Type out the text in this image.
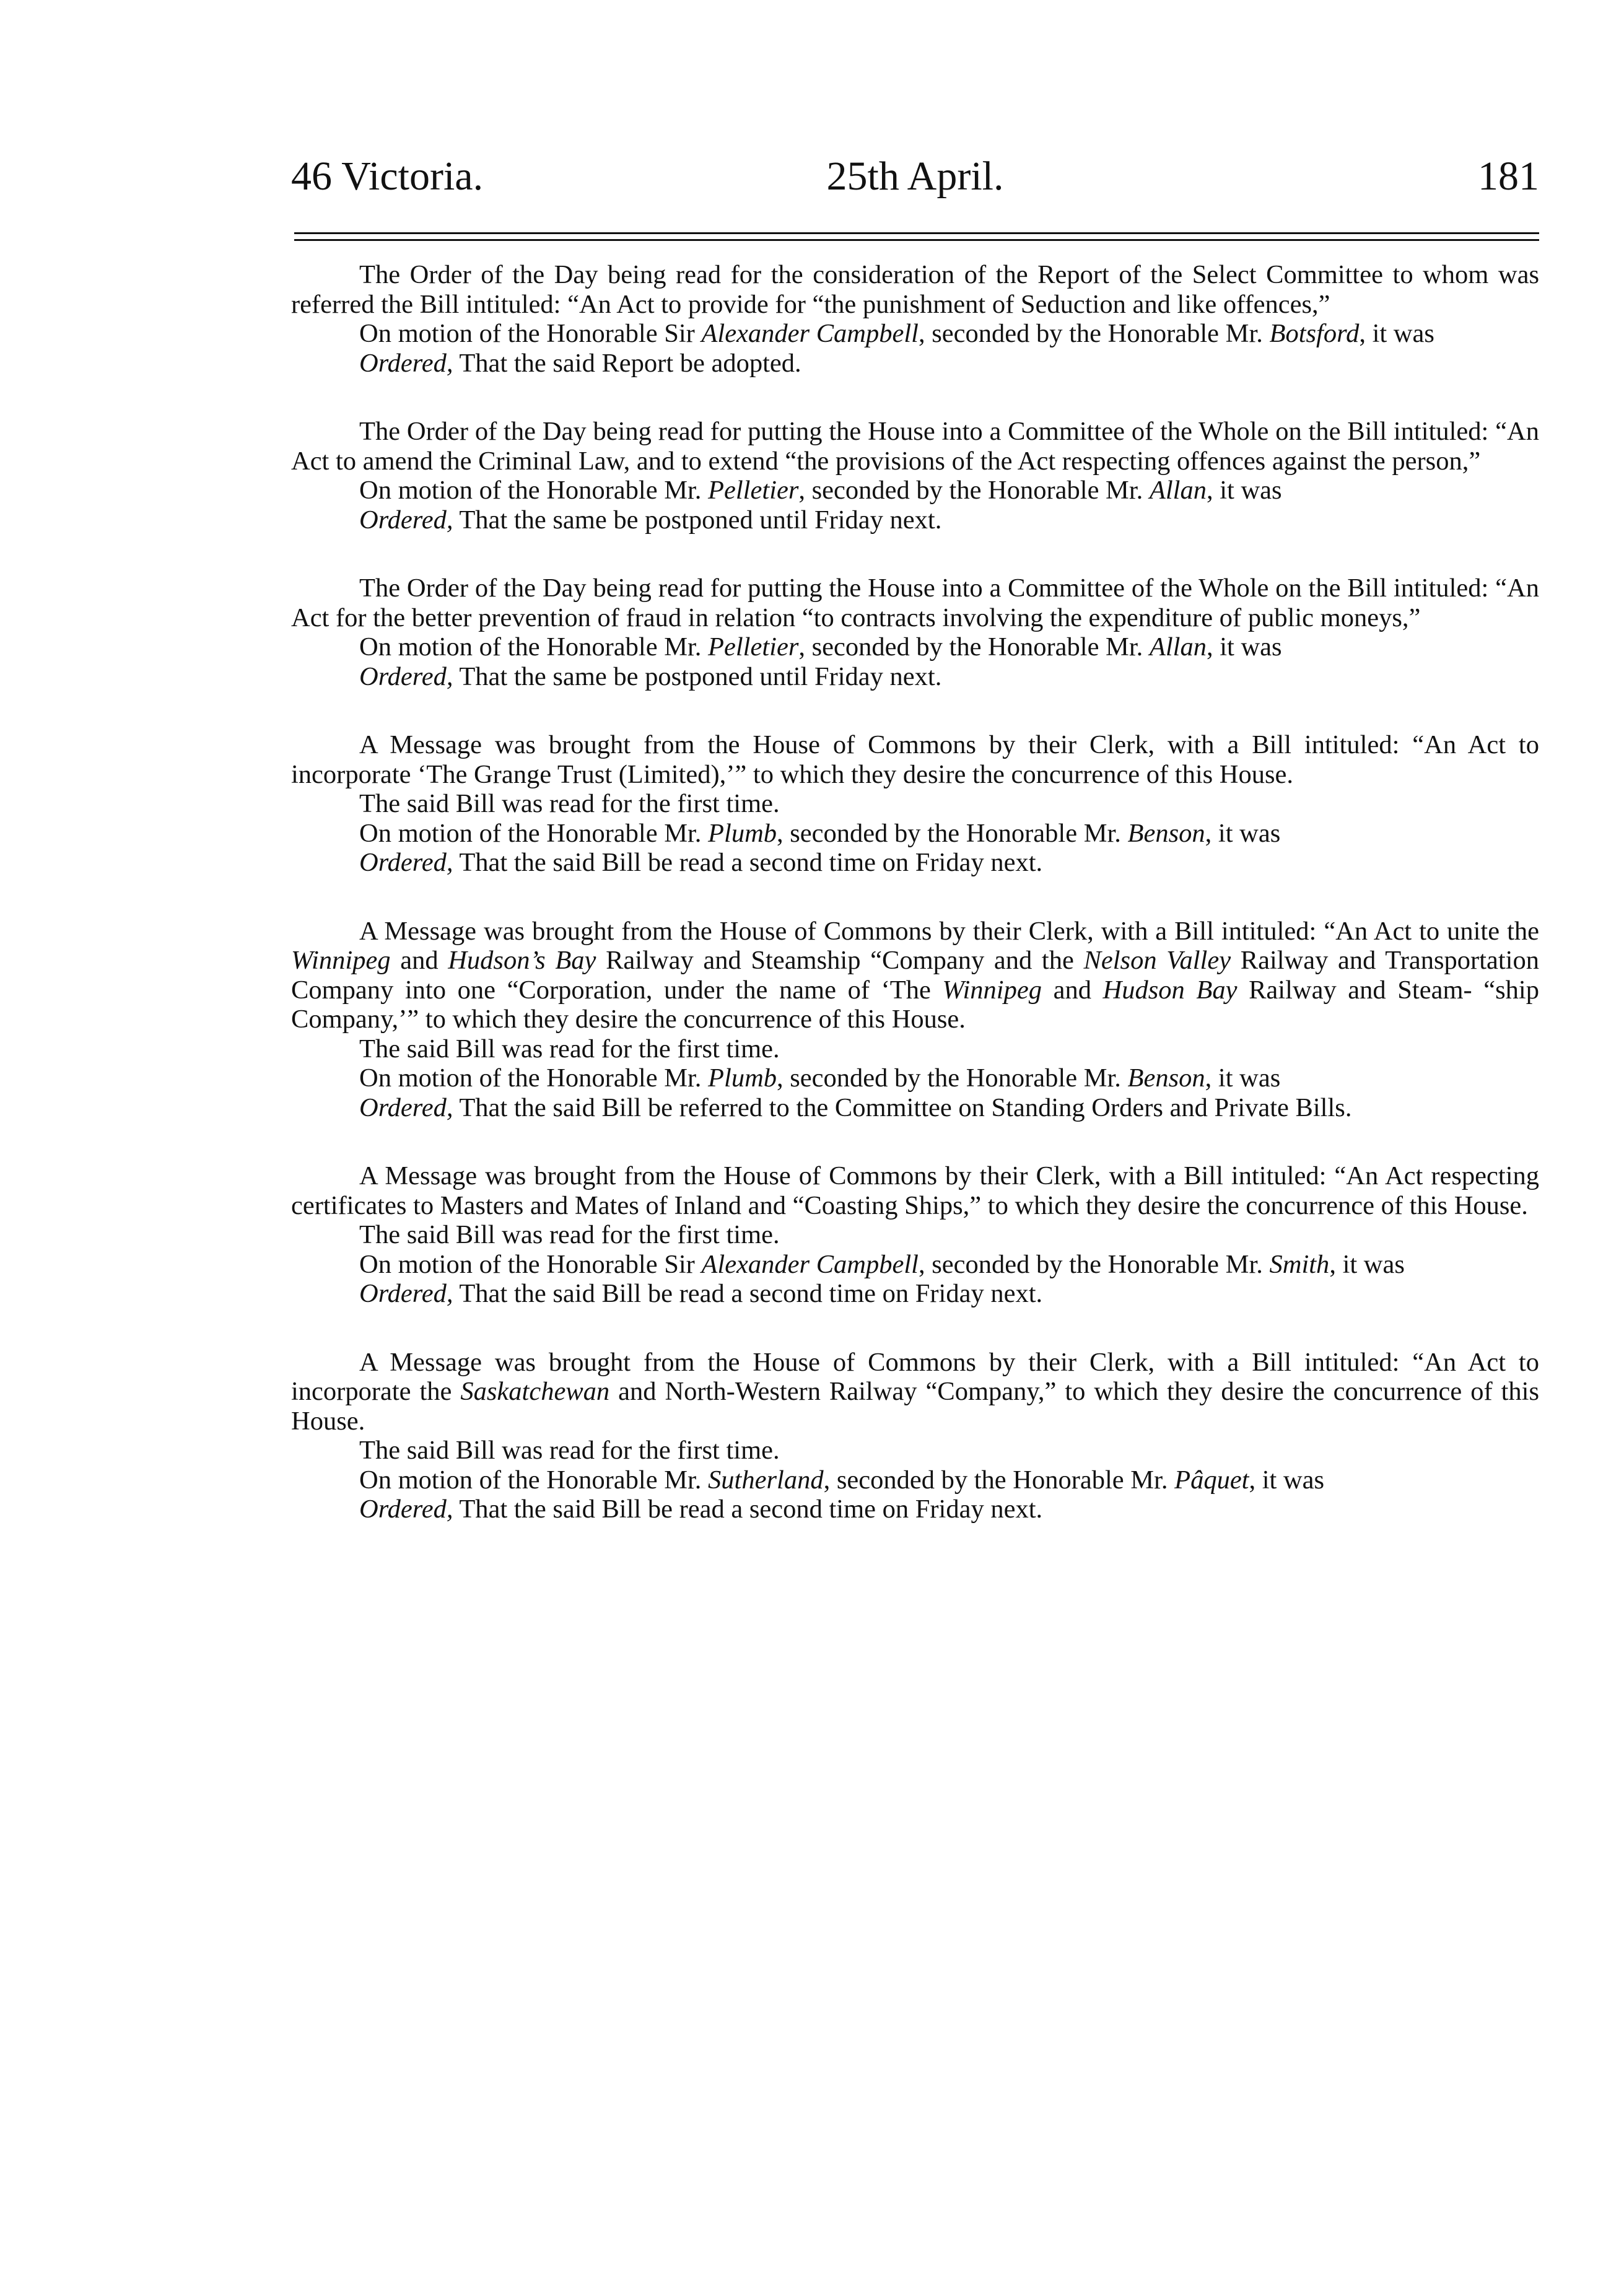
46 Victoria.	25th April.	181

The Order of the Day being read for the consideration of the Report of the Select Committee to whom was referred the Bill intituled: “An Act to provide for “the punishment of Seduction and like offences,”

On motion of the Honorable Sir Alexander Campbell, seconded by the Honorable Mr. Botsford, it was

Ordered, That the said Report be adopted.

The Order of the Day being read for putting the House into a Committee of the Whole on the Bill intituled: “An Act to amend the Criminal Law, and to extend “the provisions of the Act respecting offences against the person,”

On motion of the Honorable Mr. Pelletier, seconded by the Honorable Mr. Allan, it was

Ordered, That the same be postponed until Friday next.

The Order of the Day being read for putting the House into a Committee of the Whole on the Bill intituled: “An Act for the better prevention of fraud in relation “to contracts involving the expenditure of public moneys,”

On motion of the Honorable Mr. Pelletier, seconded by the Honorable Mr. Allan, it was

Ordered, That the same be postponed until Friday next.

A Message was brought from the House of Commons by their Clerk, with a Bill intituled: “An Act to incorporate ‘The Grange Trust (Limited),’” to which they desire the concurrence of this House.

The said Bill was read for the first time.

On motion of the Honorable Mr. Plumb, seconded by the Honorable Mr. Benson, it was

Ordered, That the said Bill be read a second time on Friday next.

A Message was brought from the House of Commons by their Clerk, with a Bill intituled: “An Act to unite the Winnipeg and Hudson’s Bay Railway and Steamship “Company and the Nelson Valley Railway and Transportation Company into one “Corporation, under the name of ‘The Winnipeg and Hudson Bay Railway and Steam- “ship Company,’” to which they desire the concurrence of this House.

The said Bill was read for the first time.

On motion of the Honorable Mr. Plumb, seconded by the Honorable Mr. Benson, it was

Ordered, That the said Bill be referred to the Committee on Standing Orders and Private Bills.

A Message was brought from the House of Commons by their Clerk, with a Bill intituled: “An Act respecting certificates to Masters and Mates of Inland and “Coasting Ships,” to which they desire the concurrence of this House.

The said Bill was read for the first time.

On motion of the Honorable Sir Alexander Campbell, seconded by the Honorable Mr. Smith, it was

Ordered, That the said Bill be read a second time on Friday next.

A Message was brought from the House of Commons by their Clerk, with a Bill intituled: “An Act to incorporate the Saskatchewan and North-Western Railway “Company,” to which they desire the concurrence of this House.

The said Bill was read for the first time.

On motion of the Honorable Mr. Sutherland, seconded by the Honorable Mr. Pâquet, it was

Ordered, That the said Bill be read a second time on Friday next.
